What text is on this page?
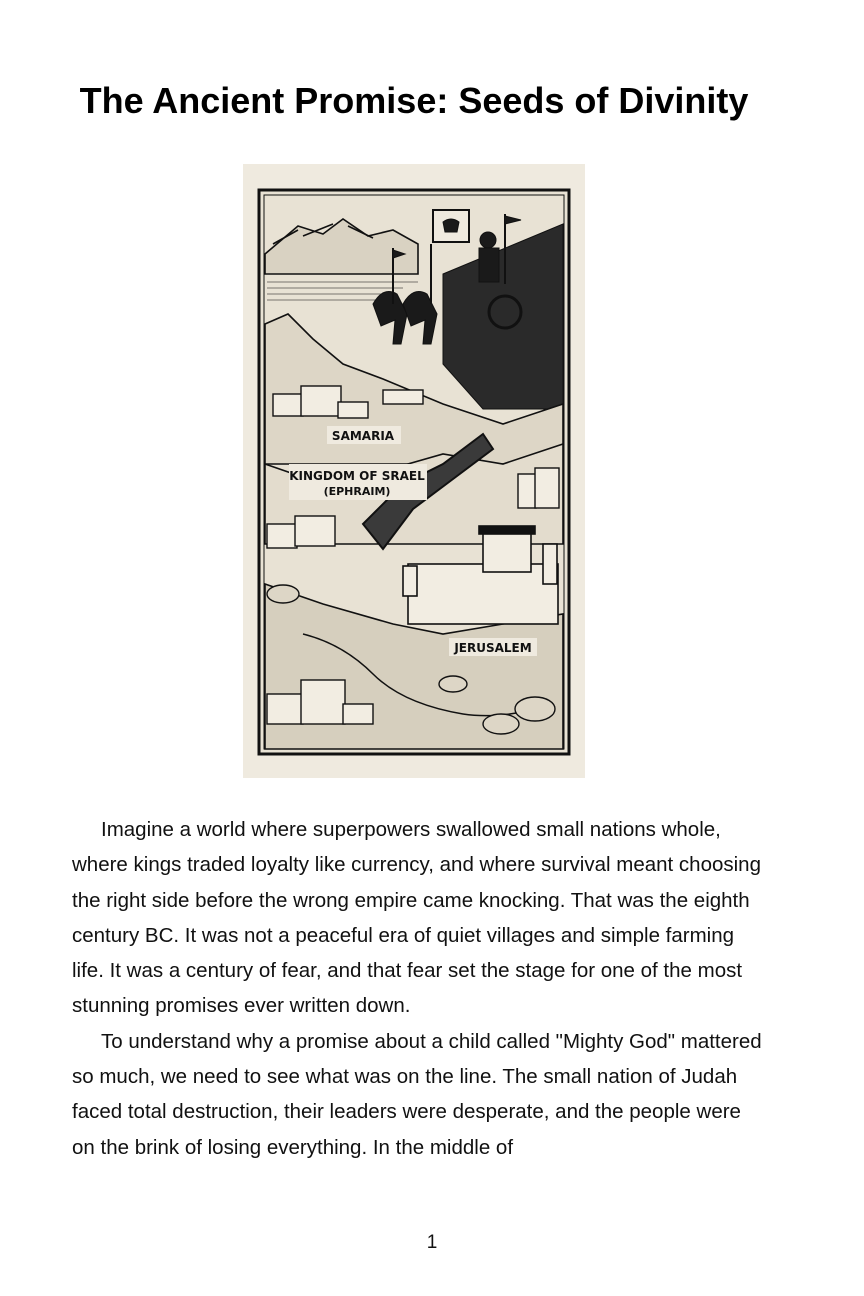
The Ancient Promise: Seeds of Divinity
SAMARIA
KINGDOM OF SRAEL
(EPHRAIM)
JERUSALEM

Imagine a world where superpowers swallowed small nations whole, where kings traded loyalty like currency, and where survival meant choosing the right side before the wrong empire came knocking. That was the eighth century BC. It was not a peaceful era of quiet villages and simple farming life. It was a century of fear, and that fear set the stage for one of the most stunning promises ever written down.

To understand why a promise about a child called "Mighty God" mattered so much, we need to see what was on the line. The small nation of Judah faced total destruction, their leaders were desperate, and the people were on the brink of losing everything. In the middle of

1
